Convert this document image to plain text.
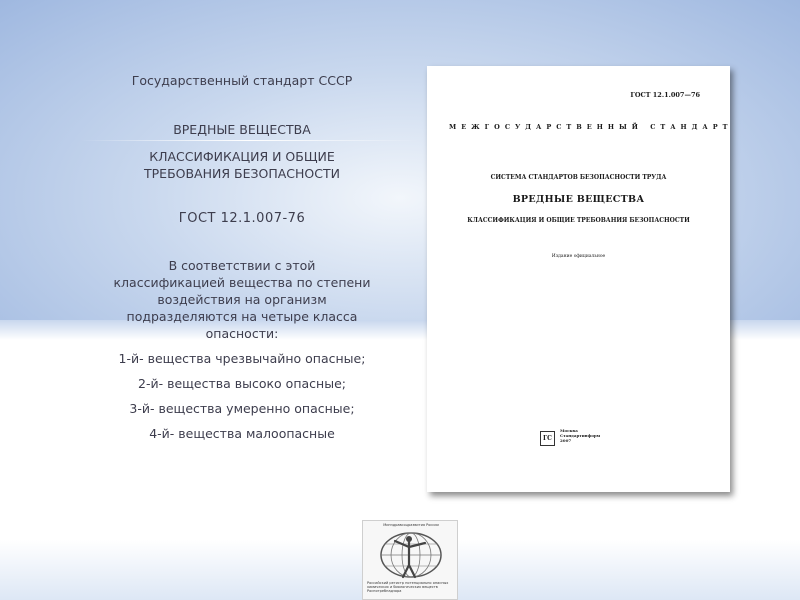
Государственный стандарт СССР
ВРЕДНЫЕ ВЕЩЕСТВА
КЛАССИФИКАЦИЯ И ОБЩИЕ
ТРЕБОВАНИЯ БЕЗОПАСНОСТИ
ГОСТ 12.1.007-76
В соответствии с этой
классификацией вещества по степени
воздействия на организм
подразделяются на четыре класса
опасности:
1-й- вещества чрезвычайно опасные;
2-й- вещества высоко опасные;
3-й- вещества умеренно опасные;
4-й- вещества малоопасные
ГОСТ 12.1.007—76
МЕЖГОСУДАРСТВЕННЫЙ СТАНДАРТ
СИСТЕМА СТАНДАРТОВ БЕЗОПАСНОСТИ ТРУДА
ВРЕДНЫЕ ВЕЩЕСТВА
КЛАССИФИКАЦИЯ И ОБЩИЕ ТРЕБОВАНИЯ БЕЗОПАСНОСТИ
Издание официальное
ГС
Москва
Стандартинформ
2007
Минздравсоцразвития России
Российский регистр потенциально опасных химических и биологических веществ Роспотребнадзора
